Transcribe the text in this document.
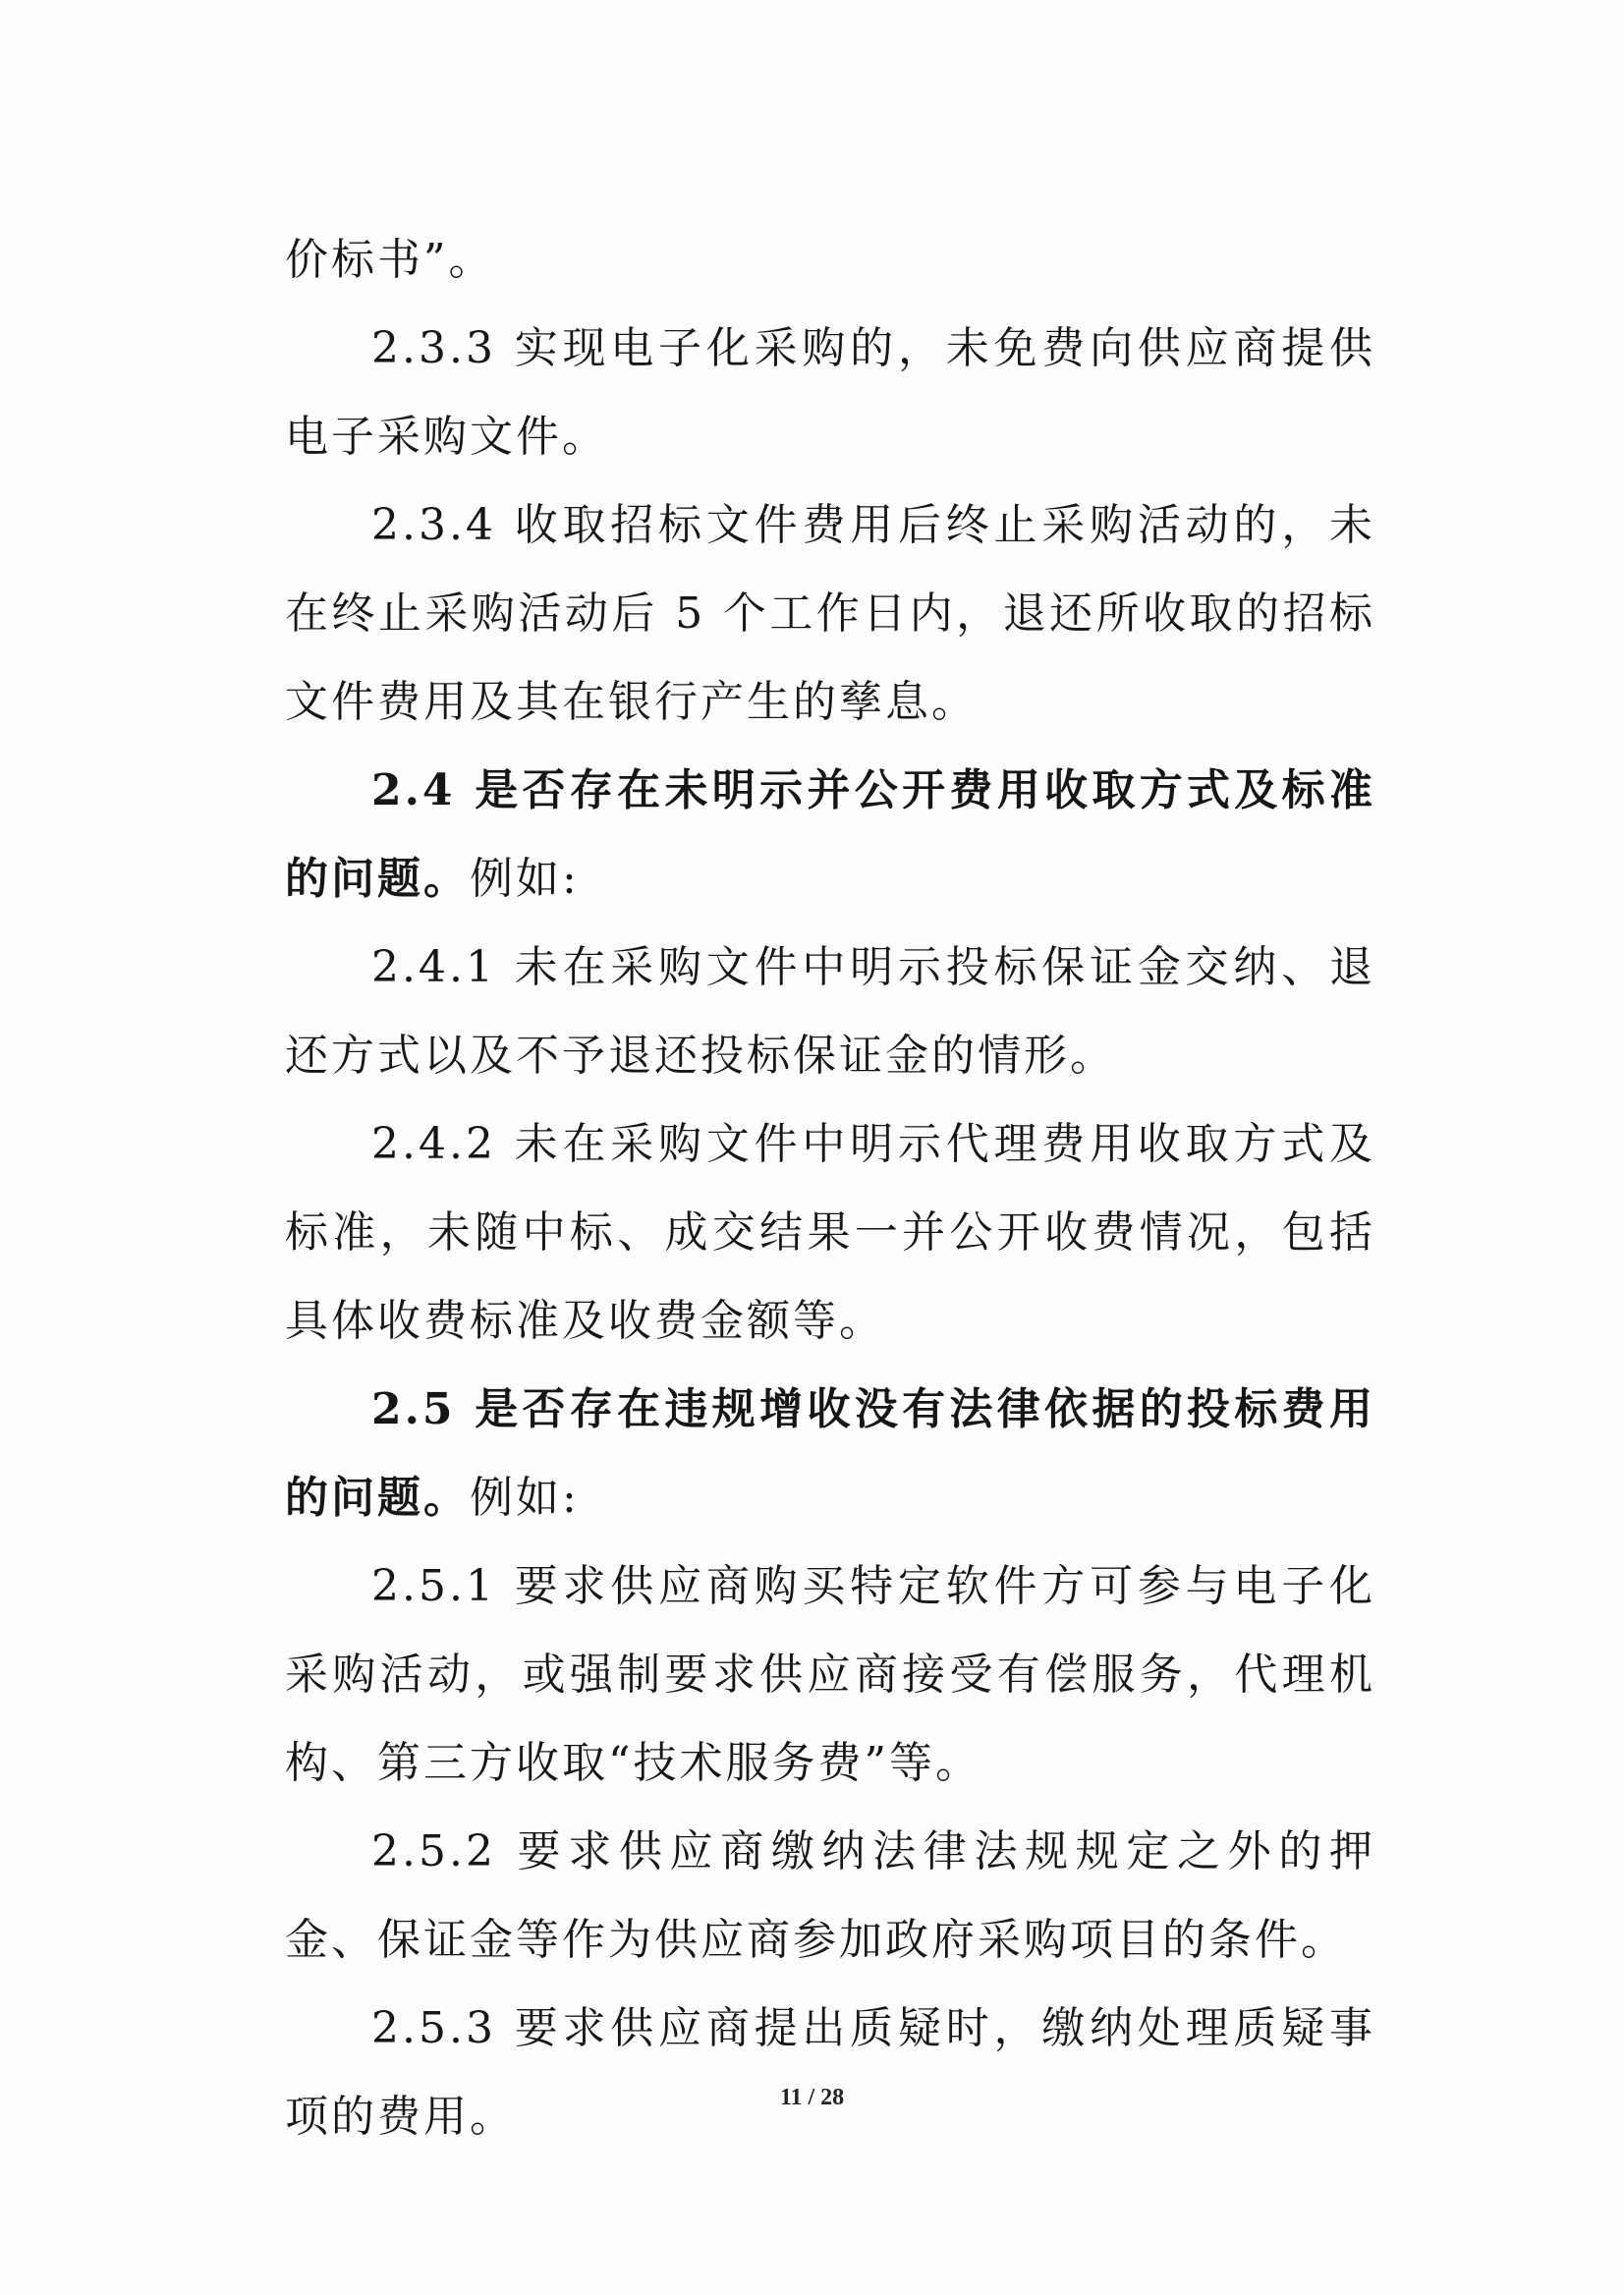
价标书”。

2.3.3 实现电子化采购的，未免费向供应商提供电子采购文件。

2.3.4 收取招标文件费用后终止采购活动的，未在终止采购活动后 5 个工作日内，退还所收取的招标文件费用及其在银行产生的孳息。

2.4 是否存在未明示并公开费用收取方式及标准的问题。例如:

2.4.1 未在采购文件中明示投标保证金交纳、退还方式以及不予退还投标保证金的情形。

2.4.2 未在采购文件中明示代理费用收取方式及标准，未随中标、成交结果一并公开收费情况，包括具体收费标准及收费金额等。

2.5 是否存在违规增收没有法律依据的投标费用的问题。例如:

2.5.1 要求供应商购买特定软件方可参与电子化采购活动，或强制要求供应商接受有偿服务，代理机构、第三方收取“技术服务费”等。

2.5.2 要求供应商缴纳法律法规规定之外的押金、保证金等作为供应商参加政府采购项目的条件。

2.5.3 要求供应商提出质疑时，缴纳处理质疑事项的费用。	11 / 28
